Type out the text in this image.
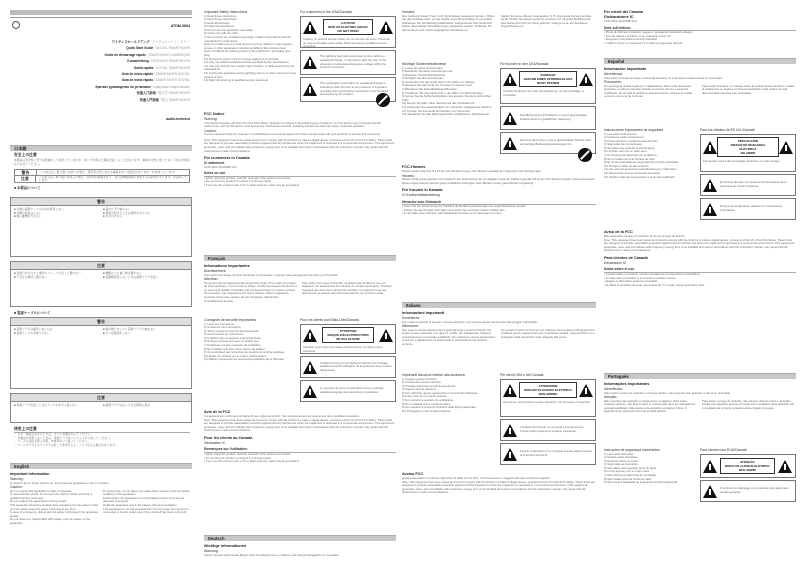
ATDM-0604
ワイヤレスホールドアンプ / デジタルスマートミキサー
Quick Start Guide / DIGITAL SMARTMIXER
Guide de démarrage rapide / SMARTMIXER NUMÉRIQUE
Kurzanleitung / DIGITALER SMARTMIXER
Guida rapida / DIGITAL SMARTMIXER
Guía de inicio rápido / SMARTMIXER DIGITAL
Guia de início rápido / SMARTMIXER DIGITAL
Краткое руководство по установке / Цифровой смартмикшер
快速入门指南 / 数字式 SMARTMIXER
快速入門指南 / 數位 SMARTMIXER
audio-technica
日本語
安全上の注意
本製品は安全性に充分な配慮をして設計していますが、使い方を誤ると事故が起こることがあります。事故を未然に防ぐために下記の内容を必ずお守りください。
警告	この表示は「取り扱いを誤った場合、使用者が死亡または重傷を負う可能性があります」を意味しています。
注意	この表示は「取り扱いを誤った場合、使用者が傷害を負う、または物的損害が発生する可能性があります」を意味しています。
■ 本製品について
警告
■ 付属の電源ケーブル以外は使用しない
■ 分解や改造はしない
■ 強い衝撃を与えない
■ 濡れた手で触らない
■ 異常が起きたときは使用を中止する
■ 水をかけない
注意
■ 直射日光の当たる場所やストーブの近くに置かない
■ 不安定な場所に置かない
■ 機器の上に重い物を置かない
■ 長期間使用しないときは電源プラグを抜く
■ 電源ケーブルについて
警告
■ 電源プラグは確実に差し込む
■ 電源ケーブルを傷つけない
■ 雷が鳴り出したら電源プラグに触れない
■ タコ足配線をしない
注意
■ 電源プラグを抜くときはケーブルを引っ張らない	■ 電源プラグのほこりを定期的に取る
使用上の注意
・ 万が一異常が起きたときは、すぐに電源を切ってください。
・ 本製品を使用しないときは、電源プラグをコンセントから抜いてください。
・ ケーブルは抜き差しの際、本体を持って扱ってください。
・ テレビやラジオのアンテナの近くで使用すると、ノイズが入る場合があります。
English
Important Information
Warning:
To prevent fire or shock hazard, do not expose the apparatus to rain or moisture.
Caution:
Do not expose this apparatus to drips or splashes.
To avoid electric shock, do not open the cabinet. Refer servicing to qualified service personnel.
Do not subject the apparatus to strong impact.
This apparatus should be located close enough to the AC outlet so that you can easily grasp the power cord plug at any time.
In case of emergency, disconnect the power cord plug of this apparatus quickly.
Do not place any objects filled with liquids, such as vases, on the apparatus.
To prevent fire, do not place any naked flame sources (such as lighted candles) on the apparatus.
Environment: the apparatus is a comfortable product and must be disposed of properly.
Install the apparatus only in the places with good ventilation.
This apparatus is not disconnected from the AC power as long as it is connected to the AC outlet even if the unit itself has been turned off.
Important Safety Instructions
1) Read these instructions.
2) Keep these instructions.
3) Heed all warnings.
4) Follow all instructions.
5) Do not use this apparatus near water.
6) Clean only with dry cloth.
7) Do not block any ventilation openings. Install in accordance with the manufacturer's instructions.
8) Do not install near any heat sources such as radiators, heat registers, stoves, or other apparatus (including amplifiers) that produce heat.
9) Do not defeat the safety purpose of the polarized or grounding-type plug.
10) Protect the power cord from being walked on or pinched.
11) Only use attachments/accessories specified by the manufacturer.
12) Use only with the cart, stand, tripod, bracket, or table specified by the manufacturer.
13) Unplug this apparatus during lightning storms or when unused for long periods of time.
14) Refer all servicing to qualified service personnel.
For customers in the USA/Canada
CAUTION
RISK OF ELECTRIC SHOCK
DO NOT OPEN
Caution: To prevent electric shock, do not remove the cover. There are no user-serviceable parts inside. Refer servicing to qualified service personnel.
The lightning flash with arrowhead symbol, within an equilateral triangle, is intended to alert the user to the presence of uninsulated dangerous voltage within the product's enclosure.
The exclamation point within an equilateral triangle is intended to alert the user to the presence of important operating and maintenance instructions in the literature accompanying the product.
FCC Notice
Warning:
This device complies with Part 15 of the FCC Rules. Operation is subject to the following two conditions: (1) This device may not cause harmful interference, and (2) this device must accept any interference received, including interference that may cause undesired operation.
Caution:
You are cautioned that any changes or modifications not expressly approved in this manual could void your authority to operate this equipment.
Note: This equipment has been tested and found to comply with the limits for a Class A digital device, pursuant to Part 15 of the FCC Rules. These limits are designed to provide reasonable protection against harmful interference when the equipment is operated in a commercial environment. This equipment generates, uses, and can radiate radio frequency energy and, if not installed and used in accordance with the instruction manual, may cause harmful interference to radio communications.
For customers in Canada
IC statement
CAN ICES-3(A)/NMB-3(A)
Notes on use
• When using the product, read the manuals of the devices connected.
• Do not drop the product or subject it to strong impact.
• If you use the product near a TV or radio antenna, noise may be generated.
Français
Informations importantes
Avertissement:
Pour éviter tout risque de choc électrique ou d'incendie, n'exposez pas cet appareil à la pluie ou à l'humidité.
Attention:
N'exposez pas cet appareil à des projections d'eau. Pour éviter tout risque de choc électrique, n'ouvrez pas le boîtier. Confiez les travaux d'entretien à un personnel qualifié. N'installez pas cet appareil dans un espace confiné. Ne soumettez pas l'appareil à des chocs violents. Placez l'appareil à proximité d'une prise secteur. En cas d'urgence, débranchez immédiatement la prise.
Pour éviter tout risque d'incendie, ne placez pas de flamme nue sur l'appareil. Cet appareil doit être éliminé de manière appropriée. N'utilisez l'appareil que dans des endroits bien ventilés. Cet appareil n'est pas déconnecté du secteur tant qu'il reste branché sur la prise murale.
Consignes de sécurité importantes
1) Lisez ces instructions.
2) Conservez ces instructions.
3) Tenez compte de tous les avertissements.
4) Suivez toutes les instructions.
5) N'utilisez pas cet appareil à proximité d'eau.
6) Nettoyez uniquement avec un chiffon sec.
7) N'obstruez aucune ouverture de ventilation.
8) Ne l'installez pas près d'une source de chaleur.
9) Ne neutralisez pas la fonction de sécurité de la fiche polarisée.
10) Évitez de marcher sur le cordon d'alimentation.
11) Utilisez uniquement les accessoires spécifiés par le fabricant.
Pour les clients aux États-Unis/Canada
ATTENTION
RISQUE D'ÉLECTROCUTION
NE PAS OUVRIR
Attention: pour éviter tout risque d'électrocution, ne retirez pas le couvercle.
L'éclair terminé par une flèche à l'intérieur d'un triangle équilatéral avertit l'utilisateur de la présence d'une tension dangereuse.
Le symbole du point d'exclamation dans un triangle équilatéral signale des instructions importantes.
Avis de la FCC
Cet appareil est conforme à la Partie 15 des règles de la FCC. Son fonctionnement est soumis aux deux conditions suivantes.
Note: This equipment has been tested and found to comply with the limits for a Class A digital device, pursuant to Part 15 of the FCC Rules. These limits are designed to provide reasonable protection against harmful interference when the equipment is operated in a commercial environment. This equipment generates, uses, and can radiate radio frequency energy and, if not installed and used in accordance with the instruction manual, may cause harmful interference to radio communications.
Pour les clients au Canada
Déclaration IC
Remarques sur l'utilisation
• When using the product, read the manuals of the devices connected.
• Do not drop the product or subject it to strong impact.
• If you use the product near a TV or radio antenna, noise may be generated.
Deutsch
Wichtige Informationen
Warnung:
Setzen Sie das Gerät weder Regen noch Feuchtigkeit aus, um Brand- oder Stromschlaggefahr zu vermeiden.
Vorsicht:
Das Gerät darf weder Tropf- noch Spritzwasser ausgesetzt werden. Öffnen Sie das Gehäuse nicht, um die Gefahr eines Stromschlags zu vermeiden. Überlassen Sie die Wartung qualifiziertem Fachpersonal. Das Gerät darf keinen übermäßigen Erschütterungen ausgesetzt werden. Schließen Sie das Gerät an einer leicht zugänglichen Steckdose an.
Stellen Sie keine offenen Feuerquellen (z. B. brennende Kerzen) auf das Gerät. Stellen Sie dieses Gerät nur an einem Ort mit guter Belüftung auf. Das Gerät wird nicht vom Netz getrennt, solange es an die Steckdose angeschlossen ist.
Wichtige Sicherheitshinweise
1) Lesen Sie diese Anweisungen.
2) Bewahren Sie diese Anweisungen auf.
3) Beachten Sie alle Warnhinweise.
4) Befolgen Sie alle Anweisungen.
5) Verwenden Sie das Gerät nicht in der Nähe von Wasser.
6) Reinigen Sie das Gerät nur mit einem trockenen Tuch.
7) Blockieren Sie keine Belüftungsöffnungen.
8) Installieren Sie das Gerät nicht in der Nähe von Wärmequellen.
9) Setzen Sie die Sicherheitsfunktion des gepolten Steckers nicht außer Kraft.
10) Sorgen Sie dafür, dass niemand auf das Netzkabel tritt.
11) Verwenden Sie ausschließlich vom Hersteller angegebenes Zubehör.
12) Trennen Sie das Gerät bei Gewitter vom Stromnetz.
13) Überlassen Sie alle Wartungsarbeiten qualifiziertem Fachpersonal.
Für Kunden in den USA/Kanada
VORSICHT
GEFAHR EINES STROMSCHLAGS
NICHT ÖFFNEN
Vorsicht: Entfernen Sie nicht die Abdeckung, um Stromschläge zu vermeiden.
Das Blitzsymbol mit Pfeilspitze in einem gleichseitigen Dreieck warnt vor gefährlicher Spannung.
Das Ausrufezeichen in einem gleichseitigen Dreieck weist auf wichtige Bedienungsanweisungen hin.
FCC-Hinweis
Dieses Gerät entspricht Teil 15 der FCC-Bestimmungen. Der Betrieb unterliegt den folgenden zwei Bedingungen.
Hinweis:
Dieses Gerät wurde getestet und entspricht den Grenzwerten für ein digitales Gerät der Klasse A gemäß Teil 15 der FCC-Bestimmungen. Diese Grenzwerte bieten angemessenen Schutz gegen schädliche Störungen beim Betrieb in einer gewerblichen Umgebung.
Für Kunden in Kanada
IC-Konformitätserklärung
Hinweise zum Gebrauch
• Lesen Sie bei Verwendung des Produkts die Bedienungsanleitungen der angeschlossenen Geräte.
• Lassen Sie das Produkt nicht fallen und setzen Sie es keinen starken Stößen aus.
• In der Nähe einer Fernseh- oder Radioantenne kann es zu Störungen kommen.
Italiano
Informazioni importanti
Avvertenza:
Per evitare il pericolo di incendi o scosse elettriche, non esporre questo apparecchio alla pioggia o all'umidità.
Attenzione:
Non esporre questo apparecchio a gocciolamenti o spruzzi di liquidi. Per evitare scosse elettriche, non aprire il mobile. Per l'assistenza, rivolgersi esclusivamente a personale qualificato. Non sottoporre questo apparecchio a forti urti. L'apparecchio va posizionato in prossimità di una presa di corrente.
Per evitare il rischio di incendi, non collocare fiamme libere sull'apparecchio. Installare questo apparecchio solo in ambienti ventilati. L'apparecchio non è scollegato dalla rete finché resta collegato alla presa.
Importanti istruzioni relative alla sicurezza
1) Leggere queste istruzioni.
2) Conservare queste istruzioni.
3) Prestare attenzione a tutte le avvertenze.
4) Seguire tutte le istruzioni.
5) Non utilizzare questo apparecchio in prossimità dell'acqua.
6) Pulire solo con un panno asciutto.
7) Non ostruire le aperture di ventilazione.
8) Non installare vicino a fonti di calore.
9) Non eludere lo scopo di sicurezza della spina polarizzata.
10) Proteggere il cavo di alimentazione.
Per utenti USA e del Canada
ATTENZIONE
RISCHIO DI SCOSSA ELETTRICA
NON APRIRE
Attenzione: per prevenire scosse elettriche, non rimuovere il coperchio.
Il simbolo del fulmine con la punta a freccia avverte l'utente della presenza di tensione pericolosa.
Il punto esclamativo in un triangolo avverte della presenza di importanti istruzioni.
Avviso FCC
Questo dispositivo è conforme alla Parte 15 delle Norme FCC. Il funzionamento è soggetto alle due condizioni seguenti.
Note: This equipment has been tested and found to comply with the limits for a Class A digital device, pursuant to Part 15 of the FCC Rules. These limits are designed to provide reasonable protection against harmful interference when the equipment is operated in a commercial environment. This equipment generates, uses, and can radiate radio frequency energy and, if not installed and used in accordance with the instruction manual, may cause harmful interference to radio communications.
Per utenti del Canada
Dichiarazione IC
CAN ICES-3(A)/NMB-3(A)
Note sull'utilizzo
• Prima di utilizzare il prodotto, leggere i manuali dei dispositivi collegati.
• Non far cadere il prodotto e non sottoporlo a forti urti.
• Spegnere il dispositivo prima di collegarlo.
• L'utilizzo vicino a un'antenna TV o radio può generare disturbi.
Español
Información importante
Advertencia:
Para evitar el riesgo de fuego o descarga eléctrica, no exponga la unidad a lluvia ni a humedad.
Precaución:
No exponga la unidad a goteos ni salpicaduras. Para evitar descargas eléctricas, no abra la carcasa. Solicite el servicio técnico a personal cualificado. No someta la unidad a impactos fuertes. Coloque la unidad cerca de una toma de corriente.
Para evitar incendios, no coloque sobre la unidad fuentes de llama. Instale la unidad solo en lugares con buena ventilación. Esta unidad no está desconectada mientras esté enchufada.
Instrucciones importantes de seguridad
1) Lea estas instrucciones.
2) Conserve estas instrucciones.
3) Preste atención a todas las advertencias.
4) Siga todas las instrucciones.
5) No utilice este aparato cerca del agua.
6) Límpielo solo con un paño seco.
7) No bloquee las aberturas de ventilación.
8) No lo instale cerca de fuentes de calor.
9) No anule la finalidad de seguridad del enchufe polarizado.
10) Proteja el cable de alimentación.
11) Use solo los accesorios especificados por el fabricante.
12) Desenchufe durante tormentas eléctricas.
13) Solicite todas las reparaciones a personal cualificado.
Para los clientes de EE.UU./Canadá
PRECAUCIÓN
RIESGO DE DESCARGA ELÉCTRICA
NO ABRIR
Precaución: para evitar descargas eléctricas, no retire la tapa.
El símbolo del rayo con punta de flecha advierte de la presencia de tensión peligrosa.
El signo de exclamación advierte de instrucciones importantes.
Aviso de la FCC
Este dispositivo cumple con la Parte 15 de las normas de la FCC.
Note: This equipment has been tested and found to comply with the limits for a Class A digital device, pursuant to Part 15 of the FCC Rules. These limits are designed to provide reasonable protection against harmful interference when the equipment is operated in a commercial environment. This equipment generates, uses, and can radiate radio frequency energy and, if not installed and used in accordance with the instruction manual, may cause harmful interference to radio communications.
Para clientes de Canadá
Declaración IC
Notas sobre el uso
• Cuando utilice el producto, lea los manuales de los dispositivos conectados.
• No deje caer el producto ni lo someta a impactos fuertes.
• Apague el dispositivo antes de conectarlo.
• Si utiliza el producto cerca de una antena de TV o radio, puede generarse ruido.
Português
Informações importantes
Advertência:
Para evitar o perigo de incêndio ou choque elétrico, não exponha este aparelho à chuva ou humidade.
Atenção:
Não exponha este aparelho a gotejamento ou salpicos. Para evitar choques elétricos, não abra a caixa. A manutenção deve ser efetuada por pessoal qualificado. Não sujeite este aparelho a impactos fortes. O aparelho deve estar perto de uma tomada elétrica.
Para evitar o perigo de incêndio, não coloque chamas sobre o aparelho. Instale este aparelho apenas em locais bem ventilados. Este aparelho não é desligado da corrente enquanto estiver ligado à tomada.
Instruções de segurança importantes
1) Leia estas instruções.
2) Guarde estas instruções.
3) Respeite todos os avisos.
4) Siga todas as instruções.
5) Não utilize este aparelho perto de água.
6) Limpe apenas com um pano seco.
7) Não obstrua as aberturas de ventilação.
8) Não instale perto de fontes de calor.
9) Não anule a finalidade de segurança da ficha polarizada.
Para clientes nos EUA/Canadá
ATENÇÃO
RISCO DE CHOQUE ELÉTRICO
NÃO ABRIR
O símbolo do relâmpago com ponta de seta alerta para tensão perigosa.
